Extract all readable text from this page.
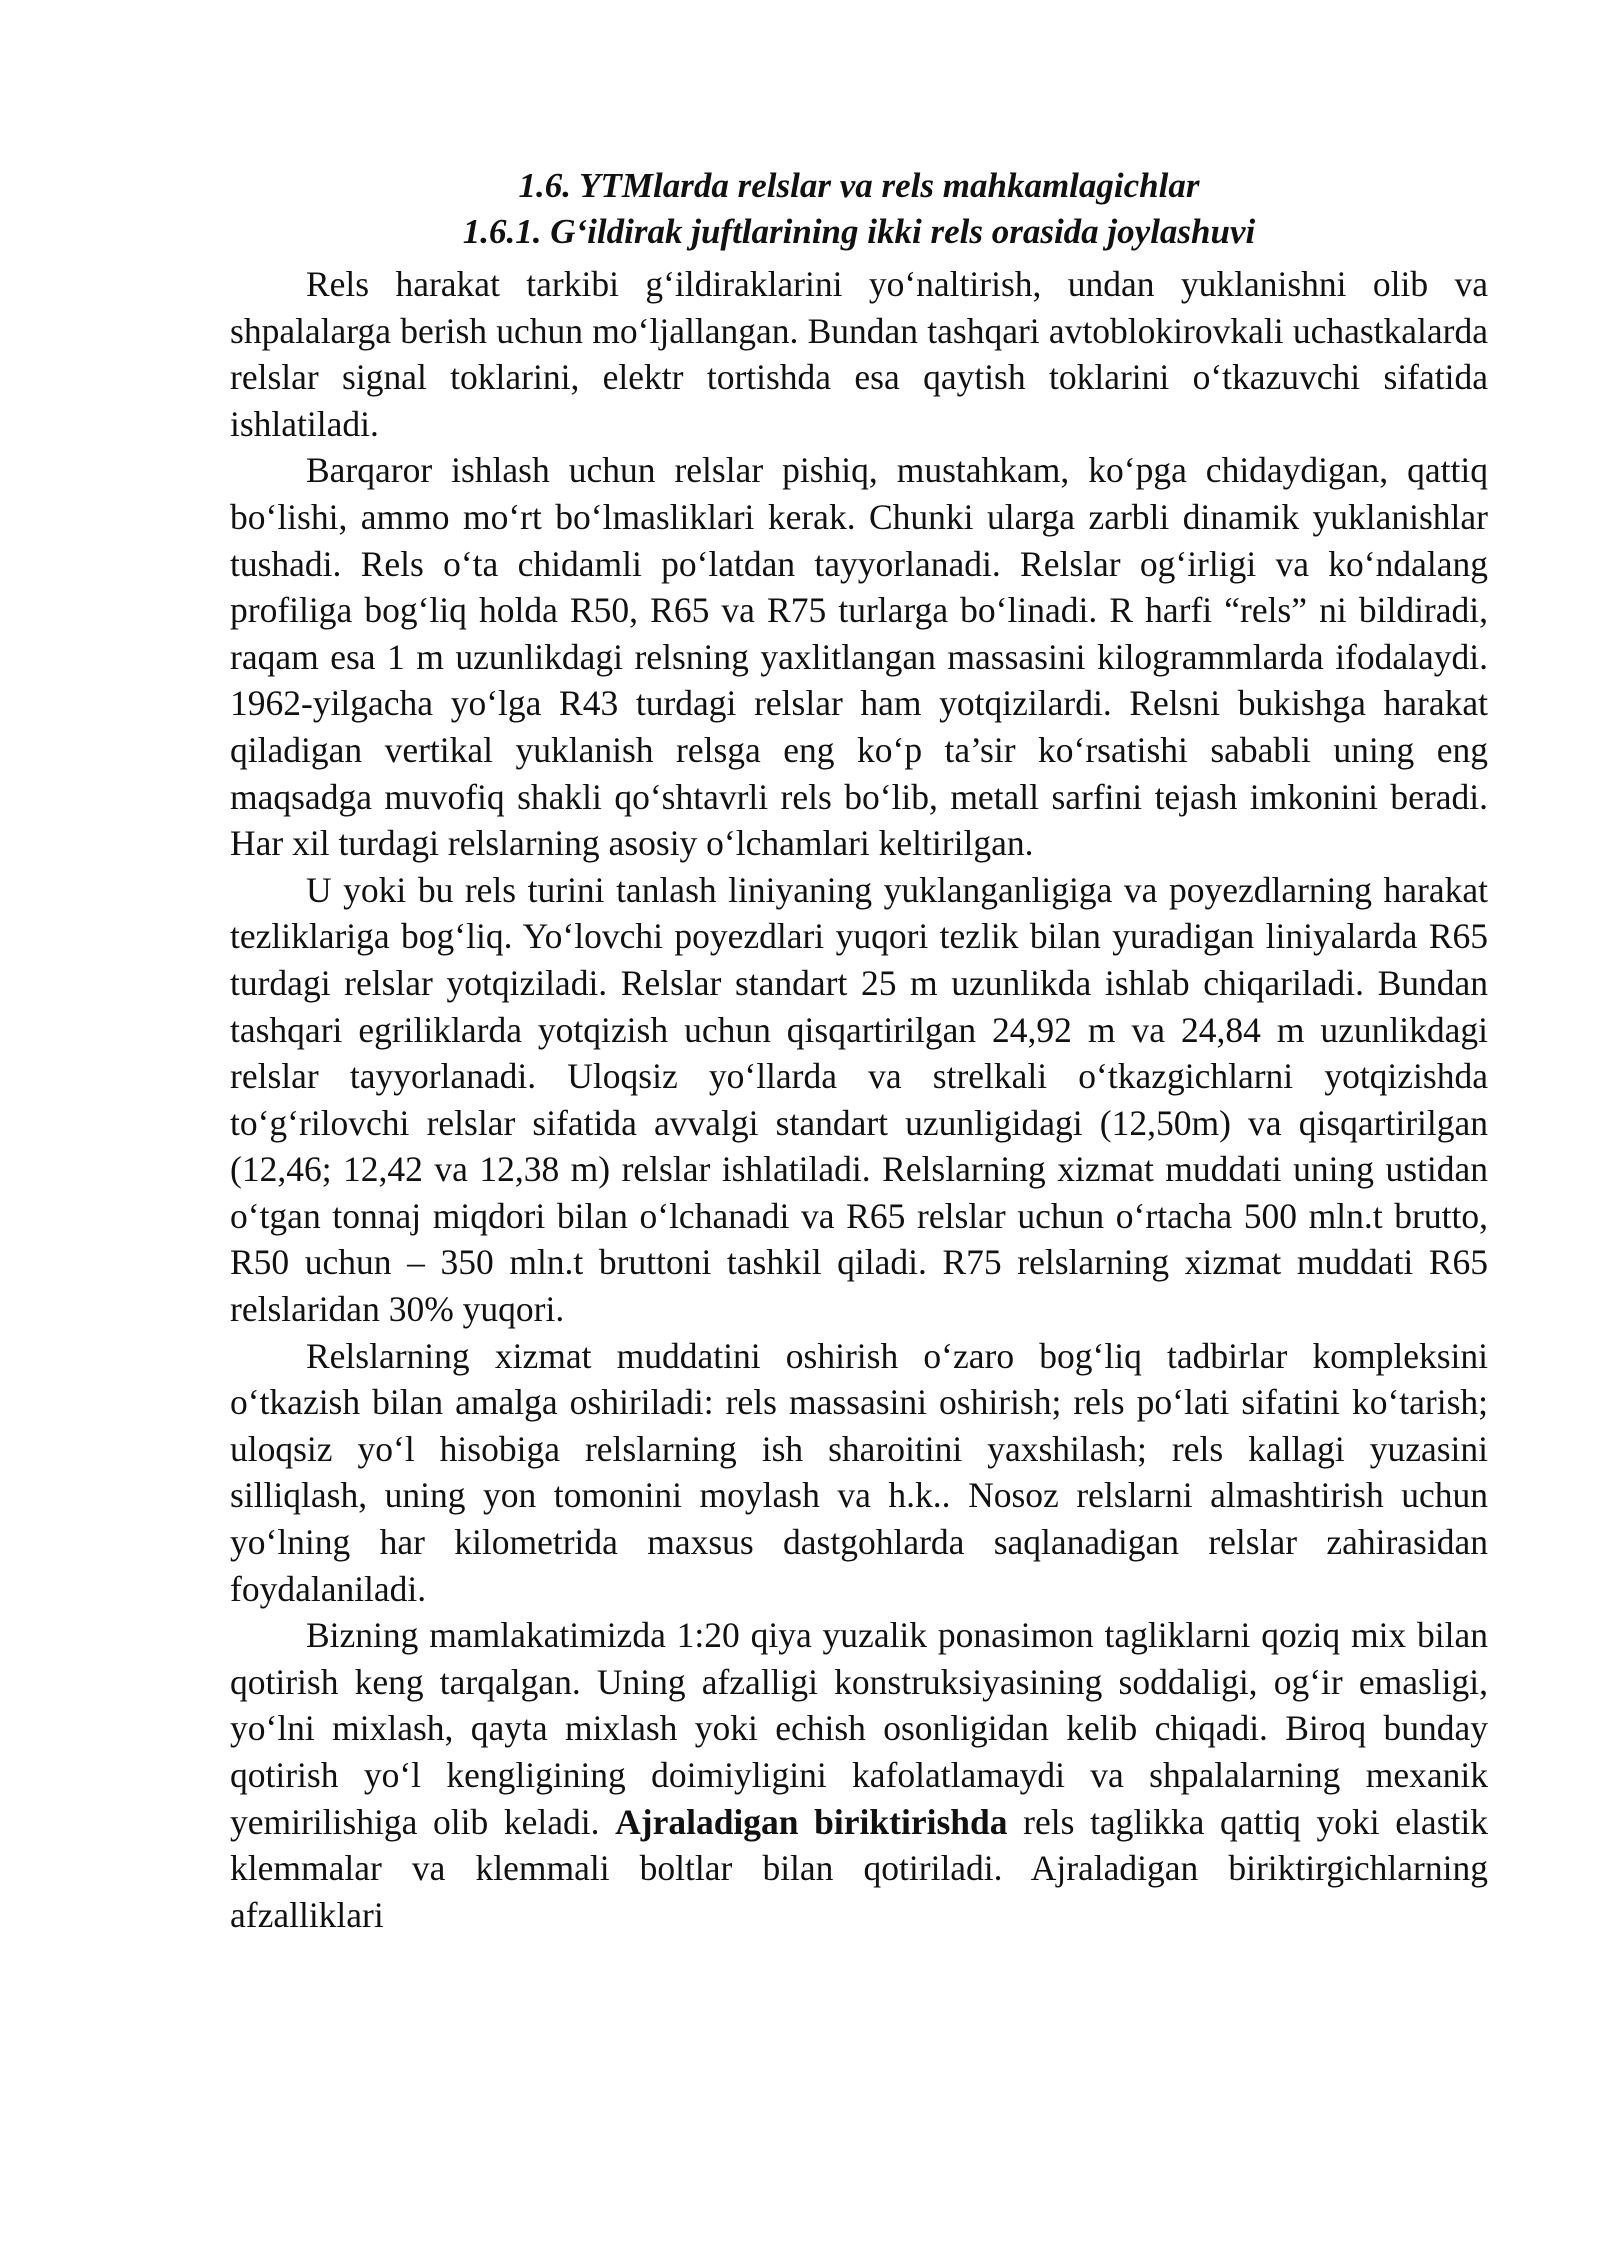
1.6. YTMlarda relslar va rels mahkamlagichlar
1.6.1. G‘ildirak juftlarining ikki rels orasida joylashuvi

Rels harakat tarkibi g‘ildiraklarini yo‘naltirish, undan yuklanishni olib va shpalalarga berish uchun mo‘ljallangan. Bundan tashqari avtoblokirovkali uchastkalarda relslar signal toklarini, elektr tortishda esa qaytish toklarini o‘tkazuvchi sifatida ishlatiladi.

Barqaror ishlash uchun relslar pishiq, mustahkam, ko‘pga chidaydigan, qattiq bo‘lishi, ammo mo‘rt bo‘lmasliklari kerak. Chunki ularga zarbli dinamik yuklanishlar tushadi. Rels o‘ta chidamli po‘latdan tayyorlanadi. Relslar og‘irligi va ko‘ndalang profiliga bog‘liq holda R50, R65 va R75 turlarga bo‘linadi. R harfi “rels” ni bildiradi, raqam esa 1 m uzunlikdagi relsning yaxlitlangan massasini kilogrammlarda ifodalaydi. 1962-yilgacha yo‘lga R43 turdagi relslar ham yotqizilardi. Relsni bukishga harakat qiladigan vertikal yuklanish relsga eng ko‘p ta’sir ko‘rsatishi sababli uning eng maqsadga muvofiq shakli qo‘shtavrli rels bo‘lib, metall sarfini tejash imkonini beradi. Har xil turdagi relslarning asosiy o‘lchamlari keltirilgan.

U yoki bu rels turini tanlash liniyaning yuklanganligiga va poyezdlarning harakat tezliklariga bog‘liq. Yo‘lovchi poyezdlari yuqori tezlik bilan yuradigan liniyalarda R65 turdagi relslar yotqiziladi. Relslar standart 25 m uzunlikda ishlab chiqariladi. Bundan tashqari egriliklarda yotqizish uchun qisqartirilgan 24,92 m va 24,84 m uzunlikdagi relslar tayyorlanadi. Uloqsiz yo‘llarda va strelkali o‘tkazgichlarni yotqizishda to‘g‘rilovchi relslar sifatida avvalgi standart uzunligidagi (12,50m) va qisqartirilgan (12,46; 12,42 va 12,38 m) relslar ishlatiladi. Relslarning xizmat muddati uning ustidan o‘tgan tonnaj miqdori bilan o‘lchanadi va R65 relslar uchun o‘rtacha 500 mln.t brutto, R50 uchun – 350 mln.t bruttoni tashkil qiladi. R75 relslarning xizmat muddati R65 relslaridan 30% yuqori.

Relslarning xizmat muddatini oshirish o‘zaro bog‘liq tadbirlar kompleksini o‘tkazish bilan amalga oshiriladi: rels massasini oshirish; rels po‘lati sifatini ko‘tarish; uloqsiz yo‘l hisobiga relslarning ish sharoitini yaxshilash; rels kallagi yuzasini silliqlash, uning yon tomonini moylash va h.k.. Nosoz relslarni almashtirish uchun yo‘lning har kilometrida maxsus dastgohlarda saqlanadigan relslar zahirasidan foydalaniladi.

Bizning mamlakatimizda 1:20 qiya yuzalik ponasimon tagliklarni qoziq mix bilan qotirish keng tarqalgan. Uning afzalligi konstruksiyasining soddaligi, og‘ir emasligi, yo‘lni mixlash, qayta mixlash yoki echish osonligidan kelib chiqadi. Biroq bunday qotirish yo‘l kengligining doimiyligini kafolatlamaydi va shpalalarning mexanik yemirilishiga olib keladi. Ajraladigan biriktirishda rels taglikka qattiq yoki elastik klemmalar va klemmali boltlar bilan qotiriladi. Ajraladigan biriktirgichlarning afzalliklari
